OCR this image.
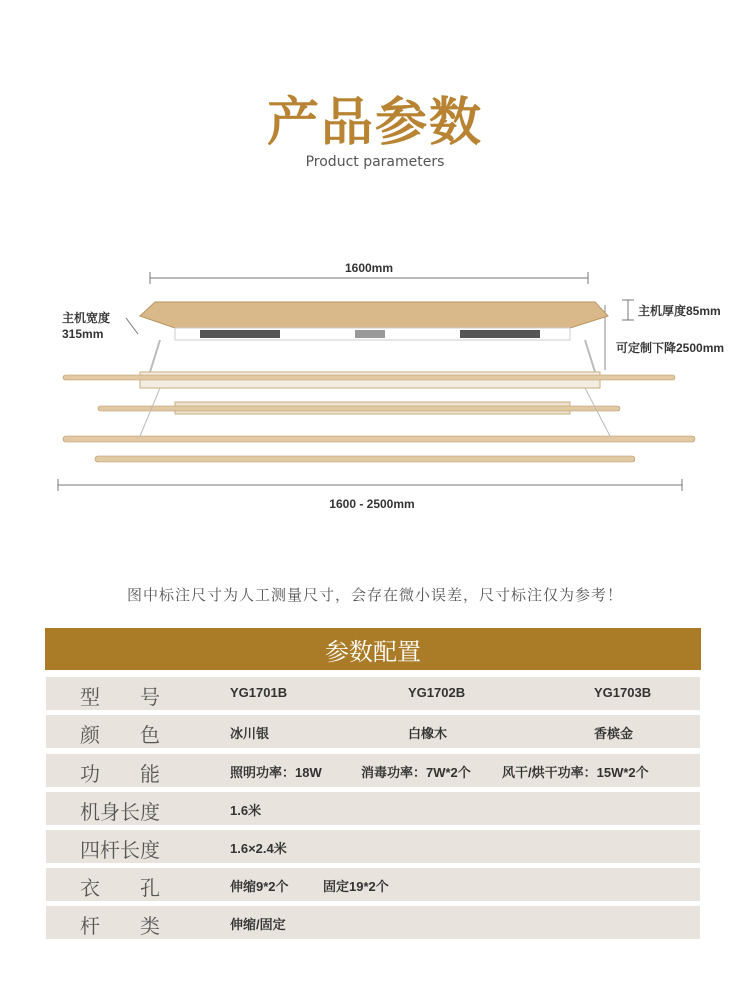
产品参数
Product parameters
1600mm
主机宽度
315mm
主机厚度85mm
可定制下降2500mm
1600 - 2500mm
图中标注尺寸为人工测量尺寸，会存在微小误差，尺寸标注仅为参考！
参数配置
型号 YG1701B	YG1702B	YG1703B
颜色 冰川银	白橡木	香槟金
功能 照明功率：18W	消毒功率：7W*2个 风干/烘干功率：15W*2个
机身长度	1.6米
四杆长度	1.6×2.4米
衣孔 伸缩9*2个	固定19*2个
杆类 伸缩/固定
